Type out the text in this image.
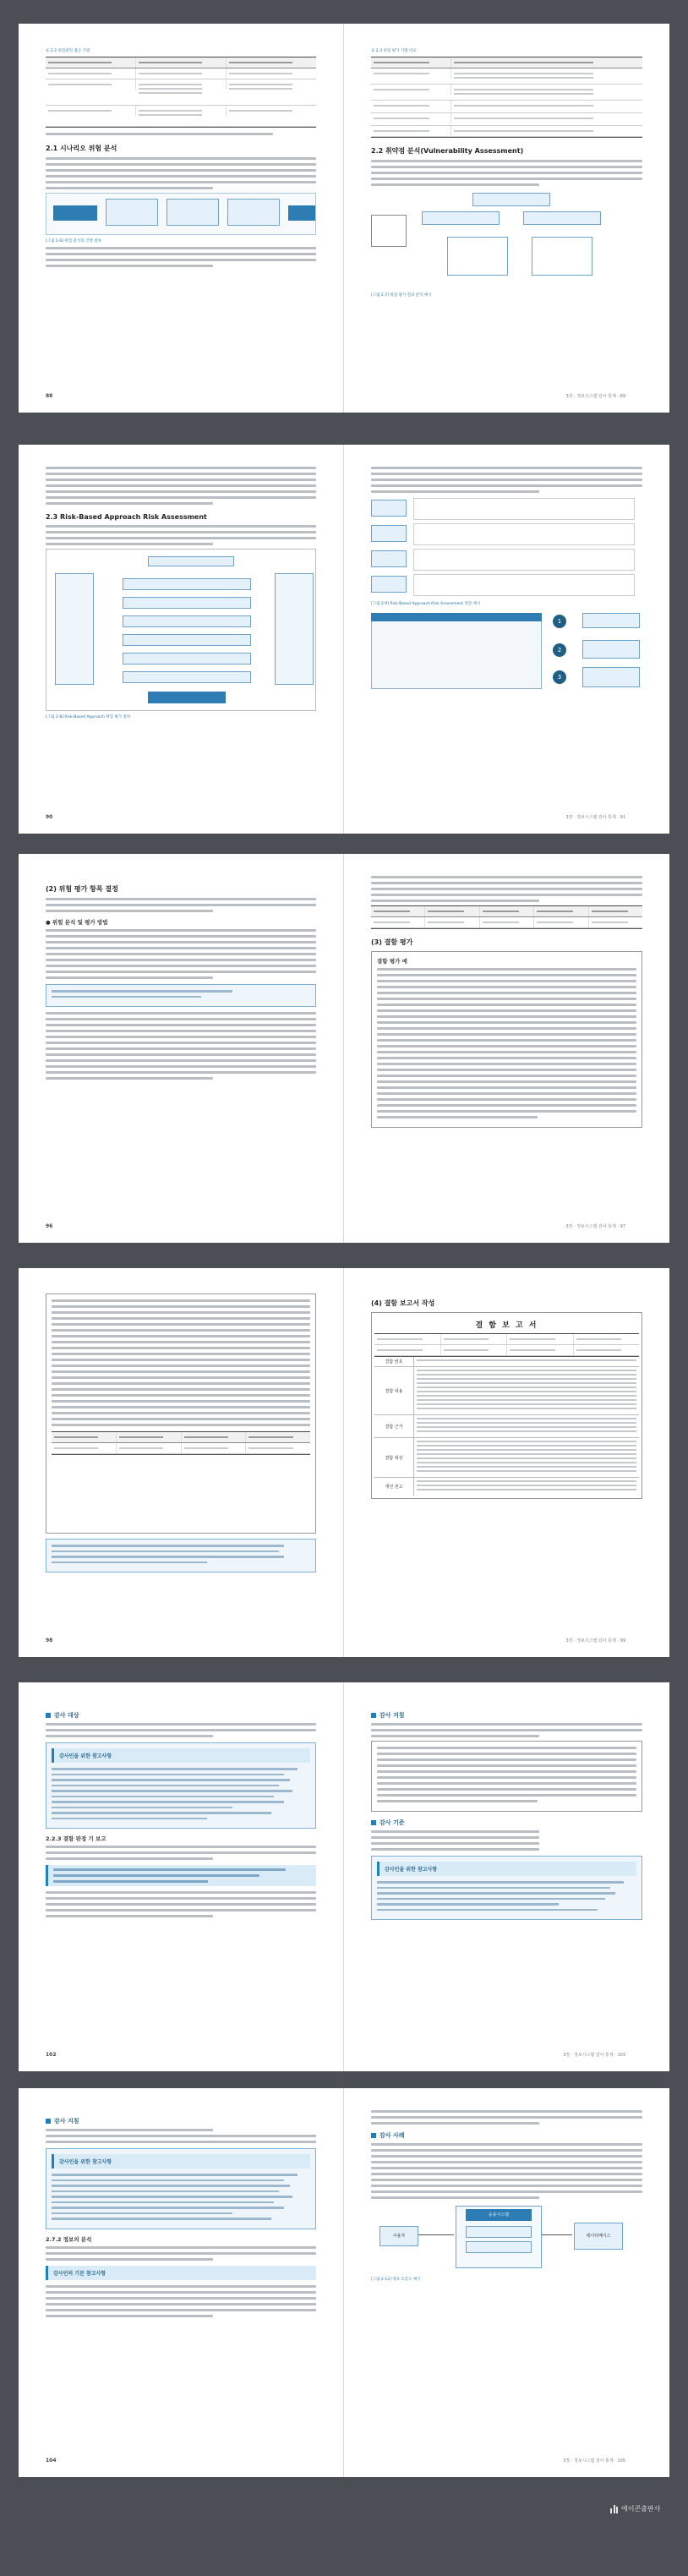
표 2-2 위험관리 접근 기법
2.1 시나리오 위험 분석
[그림 2-6] 위험 분석의 진행 절차
88
표 2-3 위험 평가 기법 비교
2.2 취약점 분석(Vulnerability Assessment)
[그림 2-7] 위험 평가 결과 분석 예시
3장 · 정보시스템 감사 통제 · 89
2.3 Risk-Based Approach Risk Assessment
[그림 2-8] Risk-Based Approach 위험 평가 절차
90
[그림 2-9] Risk-Based Approach Risk Assessment 결과 예시
1
2
3
3장 · 정보시스템 감사 통제 · 91
(2) 위험 평가 항목 결정
● 위험 분석 및 평가 방법
96
(3) 결함 평가
결함 평가 예
3장 · 정보시스템 감사 통제 · 97
98
(4) 결함 보고서 작성
결 함 보 고 서
결함 번호
결함 내용
결함 근거
결함 대상
개선 권고
3장 · 정보시스템 감사 통제 · 99
감사 대상
감사인을 위한 참고사항
2.2.3 결함 판정 기 보고
102
감사 지침
감사 기준
감사인을 위한 참고사항
3장 · 정보시스템 감사 통제 · 103
감사 지침
감사인을 위한 참고사항
2.7.2 정보의 분석
감사인의 기본 참고사항
104
감사 사례
사용자
응용시스템
데이터베이스
[그림 2-12] 정보 흐름도 예시
3장 · 정보시스템 감사 통제 · 105
에이콘출판사
